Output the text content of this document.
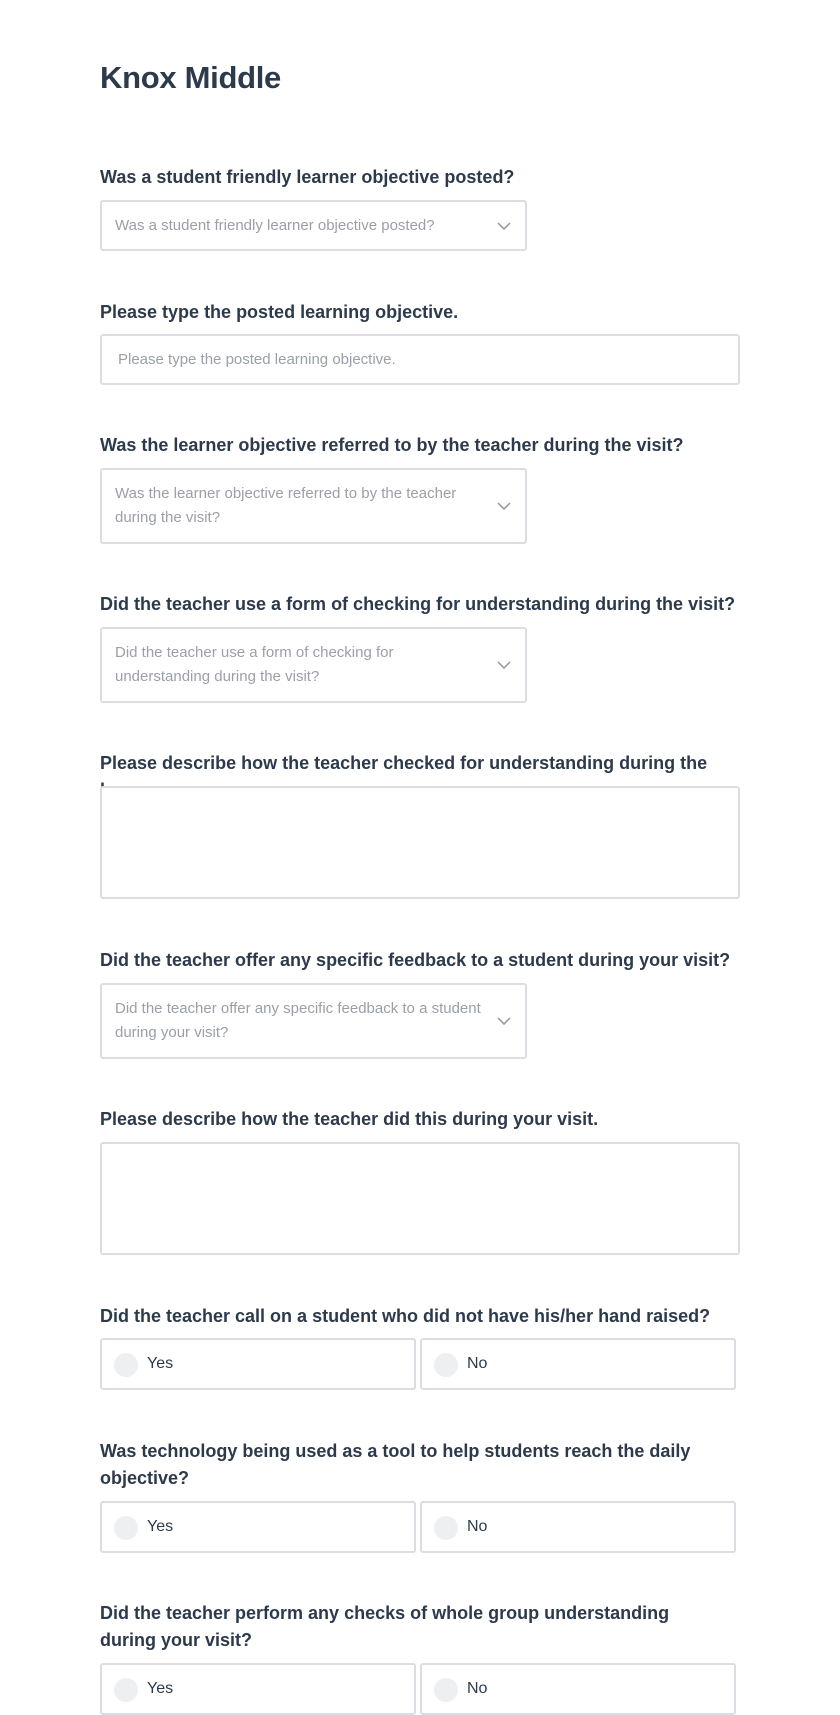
Knox Middle
Was a student friendly learner objective posted?
Was a student friendly learner objective posted?
Please type the posted learning objective.
Please type the posted learning objective.
Was the learner objective referred to by the teacher during the visit?
Was the learner objective referred to by the teacher during the visit?
Did the teacher use a form of checking for understanding during the visit?
Did the teacher use a form of checking for understanding during the visit?
Please describe how the teacher checked for understanding during the
Did the teacher offer any specific feedback to a student during your visit?
Did the teacher offer any specific feedback to a student during your visit?
Please describe how the teacher did this during your visit.
Did the teacher call on a student who did not have his/her hand raised?
Yes	No
Was technology being used as a tool to help students reach the daily objective?
Yes	No
Did the teacher perform any checks of whole group understanding during your visit?
Yes	No
